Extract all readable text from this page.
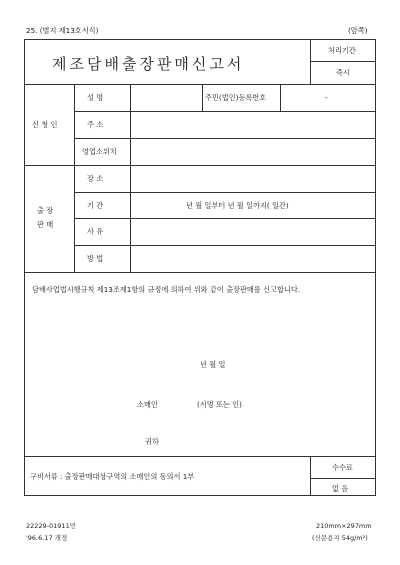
25. (별지 제13호서식)	(앞쪽)
제조담배출장판매신고서
처리기간
즉시
신 청 인
성 명	주민(법인)등록번호	-
주 소
영업소위치
출 장
판 매
장 소
기 간	년 월 일부터 년 월 일까지( 일간)
사 유
방 법
담배사업법시행규칙 제13조제1항의 규정에 의하여 위와 같이 출장판매를 신고합니다.
년 월 일
소매인	(서명 또는 인)
귀하
구비서류 : 출장판매대상구역의 소매인의 동의서 1부
수수료
없 음
22229-01911민
'96.6.17 개정
210mm×297mm
(신문용지 54g/m²)
